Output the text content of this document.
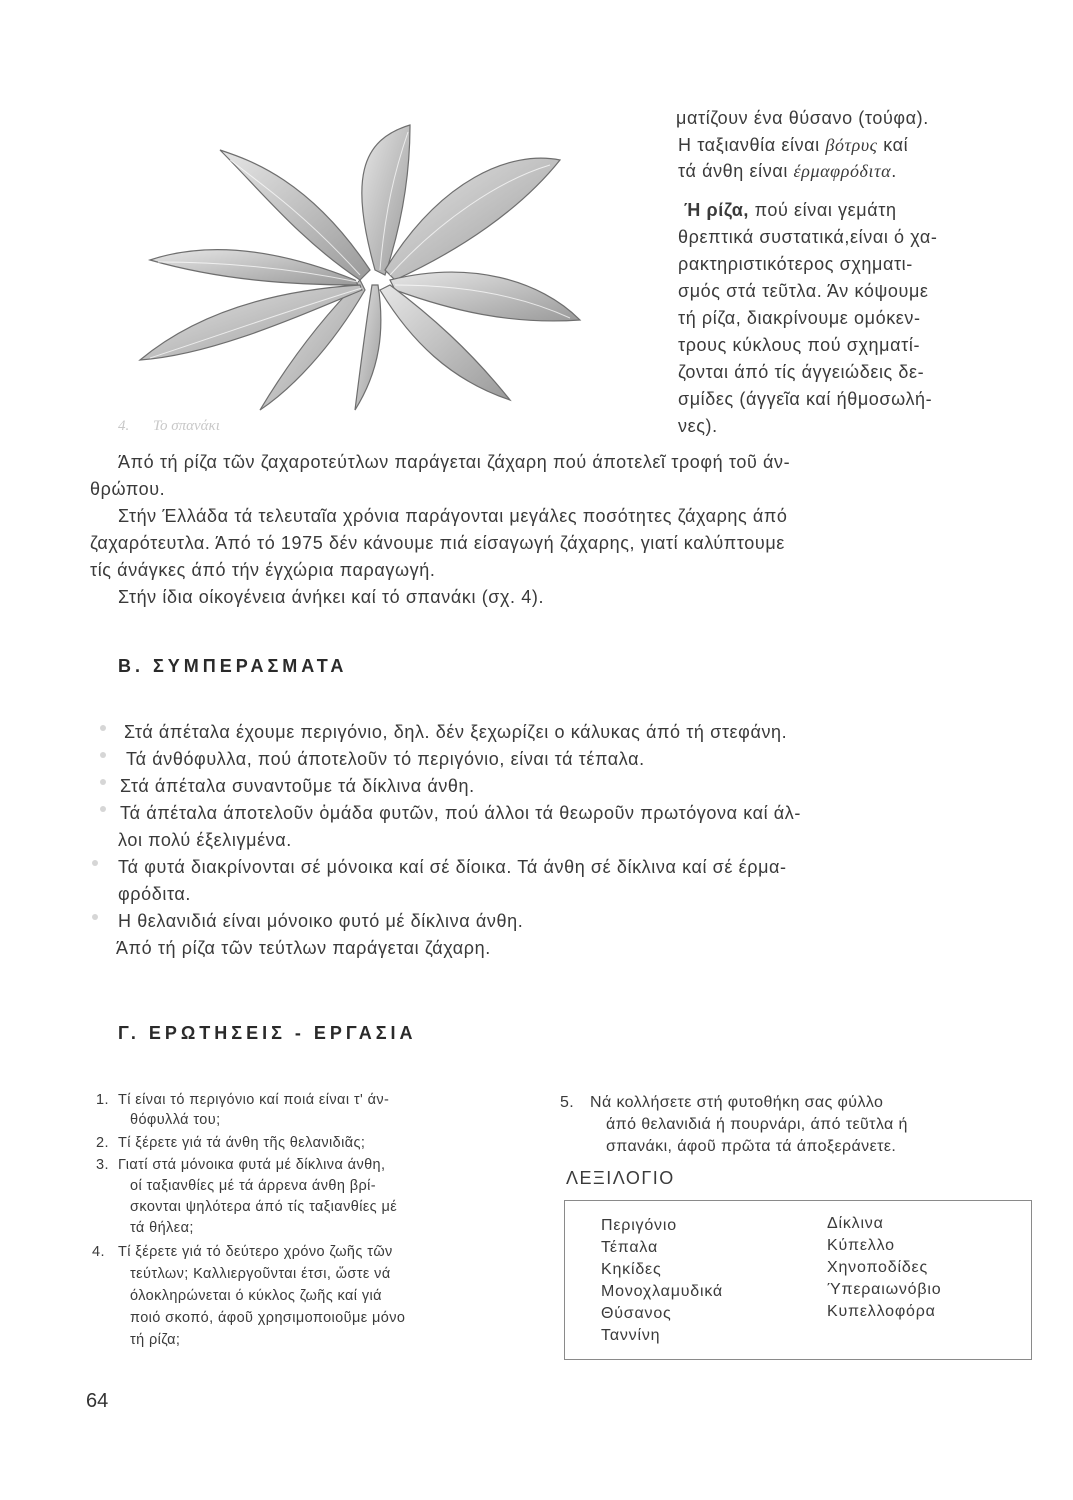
4. Το σπανάκι
ματίζουν ένα θύσανο (τούφα).
Η ταξιανθία είναι βότρυς καί
τά άνθη είναι έρμαφρόδιτα.
Ή ρίζα, πού είναι γεμάτη
θρεπτικά συστατικά,είναι ό χα-
ρακτηριστικότερος σχηματι-
σμός στά τεῦτλα. Άν κόψουμε
τή ρίζα, διακρίνουμε ομόκεν-
τρους κύκλους πού σχηματί-
ζονται άπό τίς άγγειώδεις δε-
σμίδες (άγγεῖα καί ήθμοσωλή-
νες).
Άπό τή ρίζα τῶν ζαχαροτεύτλων παράγεται ζάχαρη πού άποτελεῖ τροφή τοῦ άν-
θρώπου.
Στήν Έλλάδα τά τελευταῖα χρόνια παράγονται μεγάλες ποσότητες ζάχαρης άπό
ζαχαρότευτλα. Άπό τό 1975 δέν κάνουμε πιά είσαγωγή ζάχαρης, γιατί καλύπτουμε
τίς άνάγκες άπό τήν έγχώρια παραγωγή.
Στήν ίδια οίκογένεια άνήκει καί τό σπανάκι (σχ. 4).
Β. ΣΥΜΠΕΡΑΣΜΑΤΑ
Στά άπέταλα έχουμε περιγόνιο, δηλ. δέν ξεχωρίζει ο κάλυκας άπό τή στεφάνη.
Τά άνθόφυλλα, πού άποτελοῦν τό περιγόνιο, είναι τά τέπαλα.
Στά άπέταλα συναντοῦμε τά δίκλινα άνθη.
Τά άπέταλα άποτελοῦν ὁμάδα φυτῶν, πού άλλοι τά θεωροῦν πρωτόγονα καί άλ-
λοι πολύ έξελιγμένα.
Τά φυτά διακρίνονται σέ μόνοικα καί σέ δίοικα. Τά άνθη σέ δίκλινα καί σέ έρμα-
φρόδιτα.
Η θελανιδιά είναι μόνοικο φυτό μέ δίκλινα άνθη.
Άπό τή ρίζα τῶν τεύτλων παράγεται ζάχαρη.
Γ. ΕΡΩΤΗΣΕΙΣ - ΕΡΓΑΣΙΑ
1. Τί είναι τό περιγόνιο καί ποιά είναι τ' άν-
θόφυλλά του;
2. Τί ξέρετε γιά τά άνθη τῆς θελανιδιᾶς;
3. Γιατί στά μόνοικα φυτά μέ δίκλινα άνθη,
οί ταξιανθίες μέ τά άρρενα άνθη βρί-
σκονται ψηλότερα άπό τίς ταξιανθίες μέ
τά θήλεα;
4. Τί ξέρετε γιά τό δεύτερο χρόνο ζωῆς τῶν
τεύτλων; Καλλιεργοῦνται έτσι, ὥστε νά
όλοκληρώνεται ό κύκλος ζωῆς καί γιά
ποιό σκοπό, άφοῦ χρησιμοποιοῦμε μόνο
τή ρίζα;
5. Νά κολλήσετε στή φυτοθήκη σας φύλλο
άπό θελανιδιά ή πουρνάρι, άπό τεῦτλα ή
σπανάκι, άφοῦ πρῶτα τά άποξεράνετε.
ΛΕΞΙΛΟΓΙΟ
Περιγόνιο
Τέπαλα
Κηκίδες
Μονοχλαμυδικά
Θύσανος
Ταννίνη
Δίκλινα
Κύπελλο
Χηνοποδίδες
Ύπεραιωνόβιο
Κυπελλοφόρα
64
